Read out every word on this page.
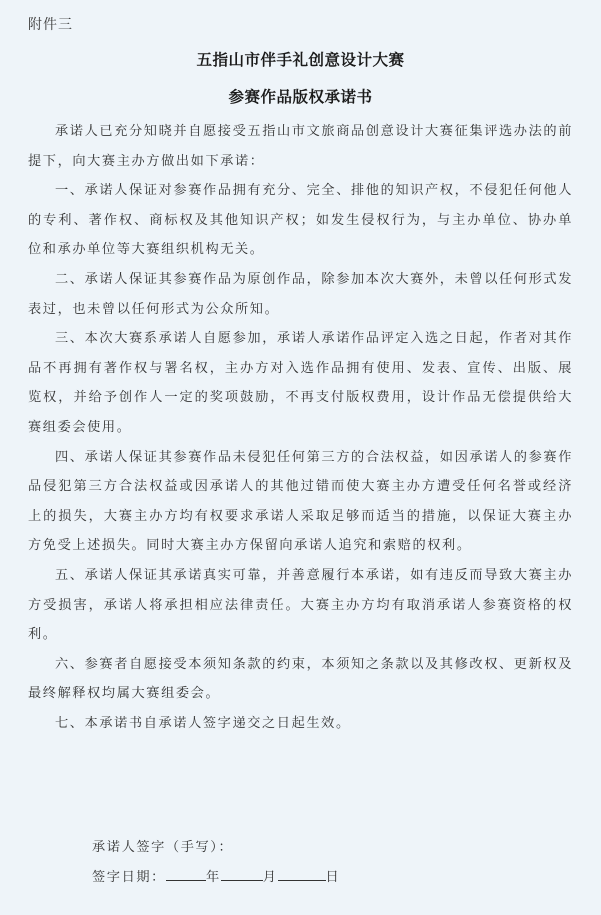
附件三
五指山市伴手礼创意设计大赛
参赛作品版权承诺书

承诺人已充分知晓并自愿接受五指山市文旅商品创意设计大赛征集评选办法的前提下，向大赛主办方做出如下承诺：

一、承诺人保证对参赛作品拥有充分、完全、排他的知识产权，不侵犯任何他人的专利、著作权、商标权及其他知识产权；如发生侵权行为，与主办单位、协办单位和承办单位等大赛组织机构无关。

二、承诺人保证其参赛作品为原创作品，除参加本次大赛外，未曾以任何形式发表过，也未曾以任何形式为公众所知。

三、本次大赛系承诺人自愿参加，承诺人承诺作品评定入选之日起，作者对其作品不再拥有著作权与署名权，主办方对入选作品拥有使用、发表、宣传、出版、展览权，并给予创作人一定的奖项鼓励，不再支付版权费用，设计作品无偿提供给大赛组委会使用。

四、承诺人保证其参赛作品未侵犯任何第三方的合法权益，如因承诺人的参赛作品侵犯第三方合法权益或因承诺人的其他过错而使大赛主办方遭受任何名誉或经济上的损失，大赛主办方均有权要求承诺人采取足够而适当的措施，以保证大赛主办方免受上述损失。同时大赛主办方保留向承诺人追究和索赔的权利。

五、承诺人保证其承诺真实可靠，并善意履行本承诺，如有违反而导致大赛主办方受损害，承诺人将承担相应法律责任。大赛主办方均有取消承诺人参赛资格的权利。

六、参赛者自愿接受本须知条款的约束，本须知之条款以及其修改权、更新权及最终解释权均属大赛组委会。

七、本承诺书自承诺人签字递交之日起生效。

承诺人签字（手写）：
签字日期：	年	月	日
